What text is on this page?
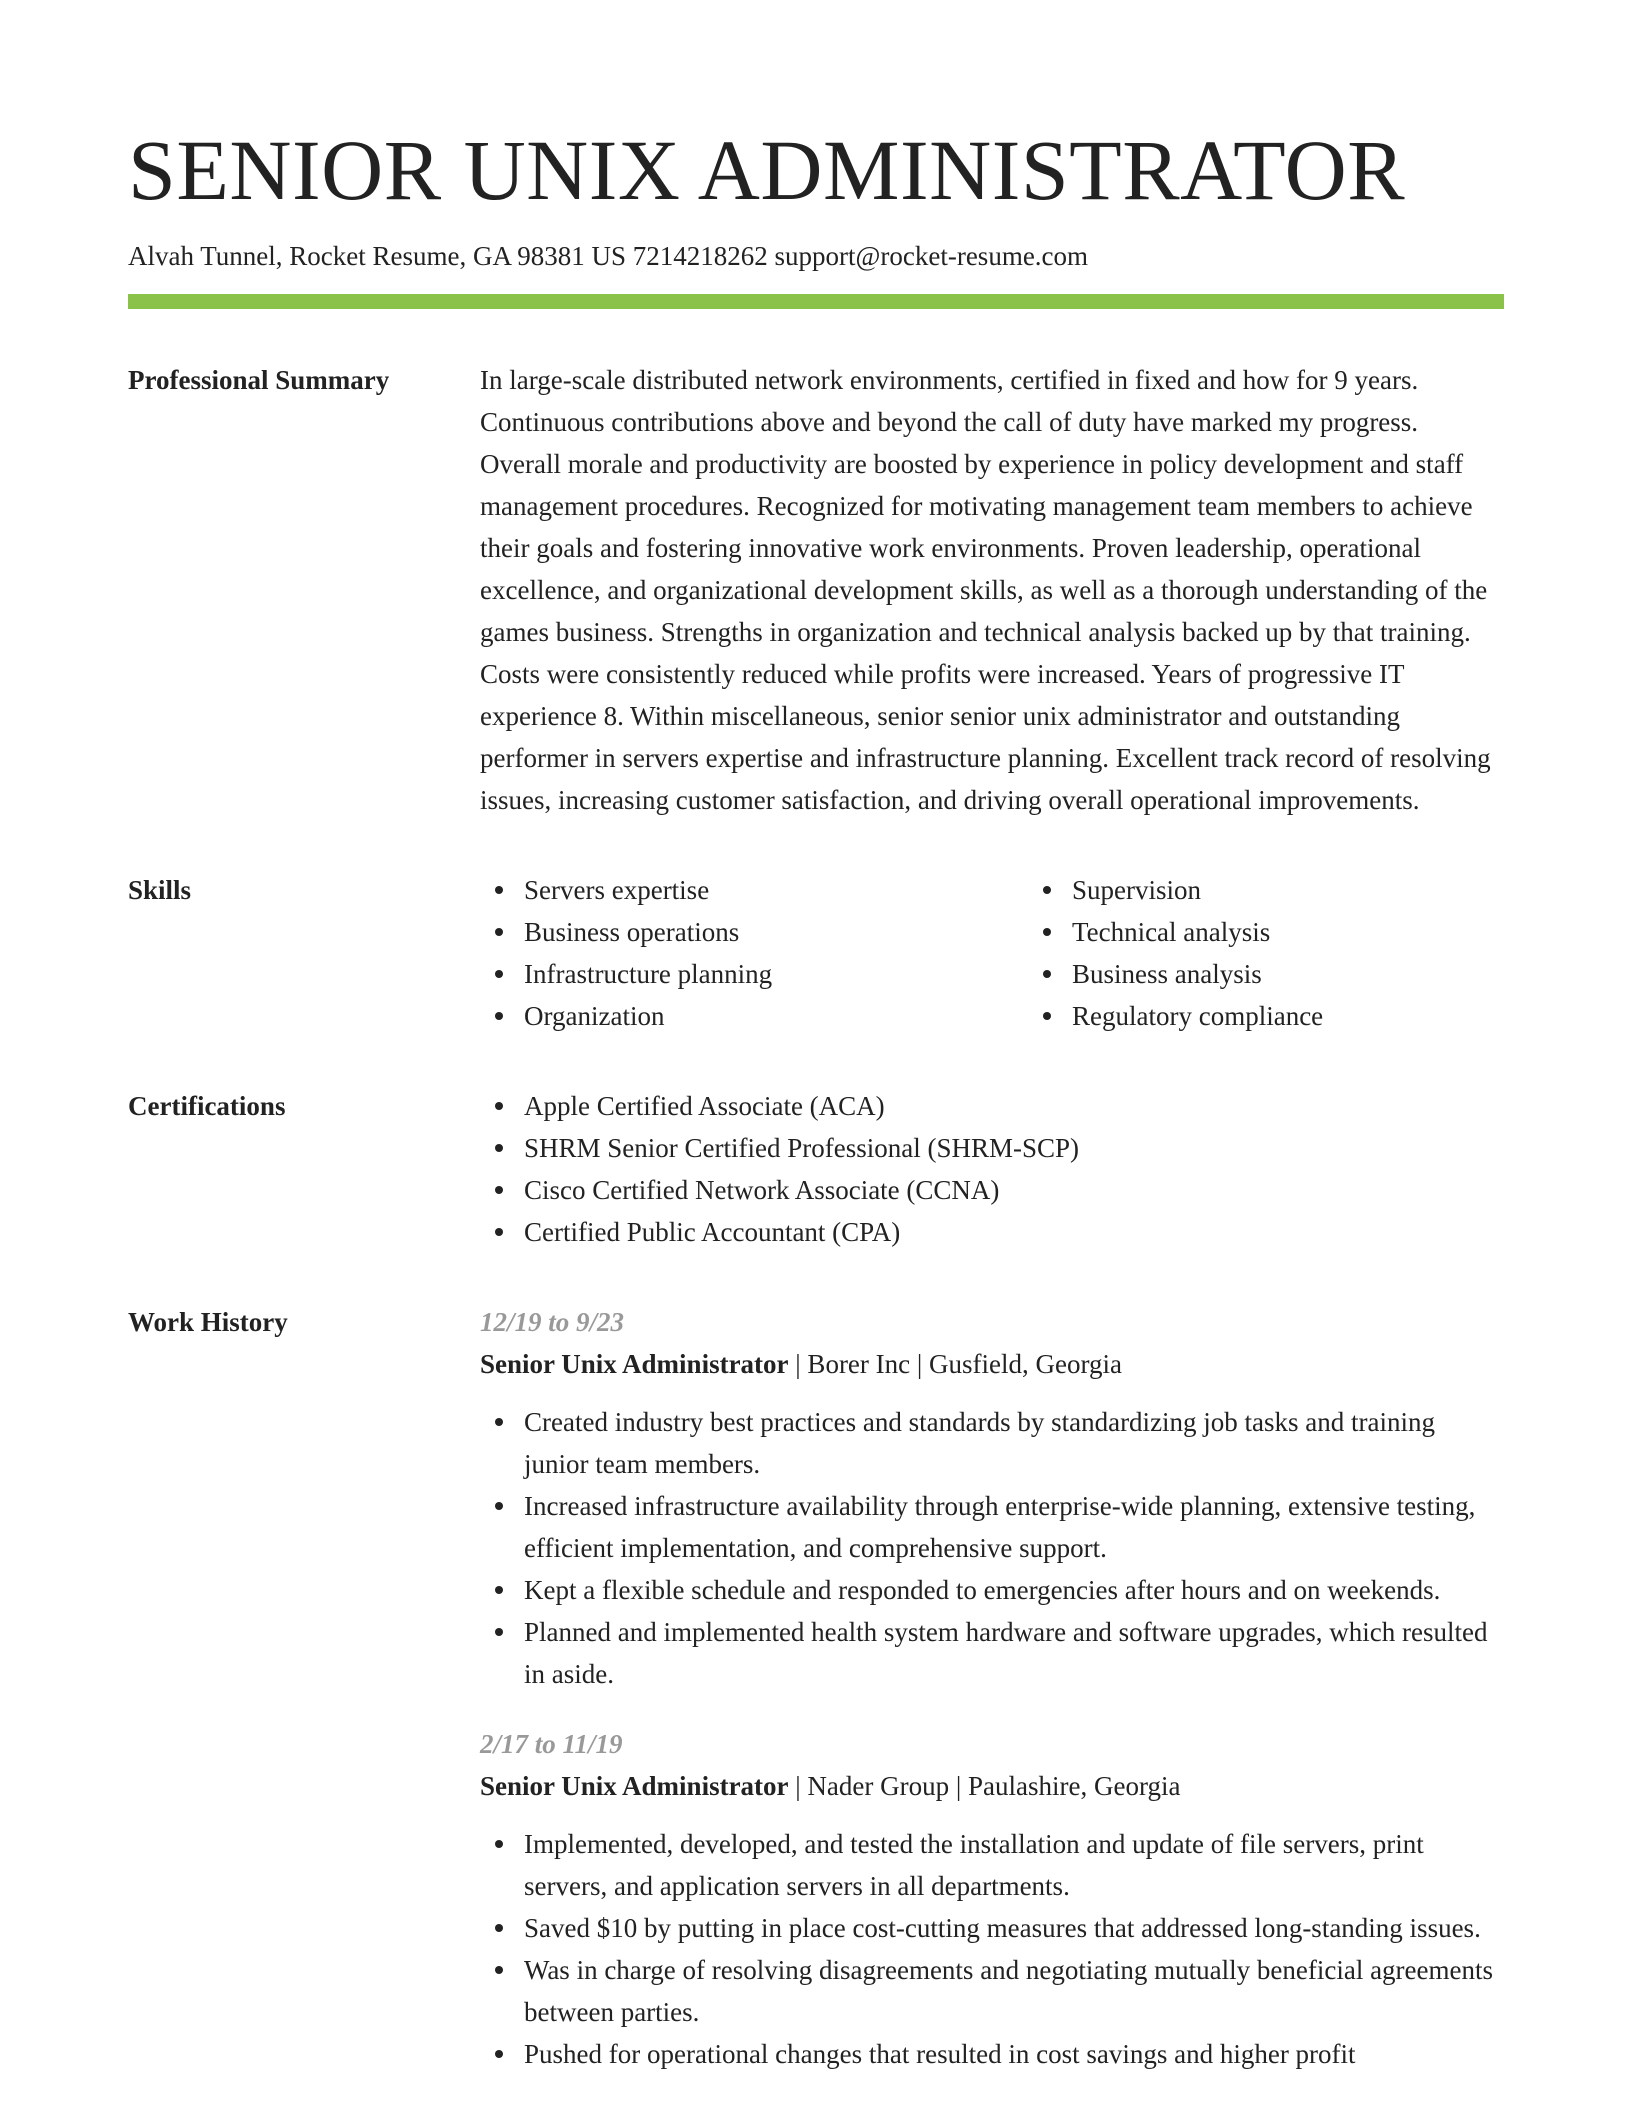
SENIOR UNIX ADMINISTRATOR
Alvah Tunnel, Rocket Resume, GA 98381 US 7214218262 support@rocket-resume.com
Professional Summary	In large-scale distributed network environments, certified in fixed and how for 9 years. Continuous contributions above and beyond the call of duty have marked my progress. Overall morale and productivity are boosted by experience in policy development and staff management procedures. Recognized for motivating management team members to achieve their goals and fostering innovative work environments. Proven leadership, operational excellence, and organizational development skills, as well as a thorough understanding of the games business. Strengths in organization and technical analysis backed up by that training. Costs were consistently reduced while profits were increased. Years of progressive IT experience 8. Within miscellaneous, senior senior unix administrator and outstanding performer in servers expertise and infrastructure planning. Excellent track record of resolving issues, increasing customer satisfaction, and driving overall operational improvements.

Skills	Servers expertise
Business operations
Infrastructure planning
Organization
Supervision
Technical analysis
Business analysis
Regulatory compliance
Certifications	Apple Certified Associate (ACA)
SHRM Senior Certified Professional (SHRM-SCP)
Cisco Certified Network Associate (CCNA)
Certified Public Accountant (CPA)
Work History	12/19 to 9/23
Senior Unix Administrator | Borer Inc | Gusfield, Georgia
Created industry best practices and standards by standardizing job tasks and training junior team members.
Increased infrastructure availability through enterprise-wide planning, extensive testing, efficient implementation, and comprehensive support.
Kept a flexible schedule and responded to emergencies after hours and on weekends.
Planned and implemented health system hardware and software upgrades, which resulted in aside.
2/17 to 11/19
Senior Unix Administrator | Nader Group | Paulashire, Georgia
Implemented, developed, and tested the installation and update of file servers, print servers, and application servers in all departments.
Saved $10 by putting in place cost-cutting measures that addressed long-standing issues.
Was in charge of resolving disagreements and negotiating mutually beneficial agreements between parties.
Pushed for operational changes that resulted in cost savings and higher profit
